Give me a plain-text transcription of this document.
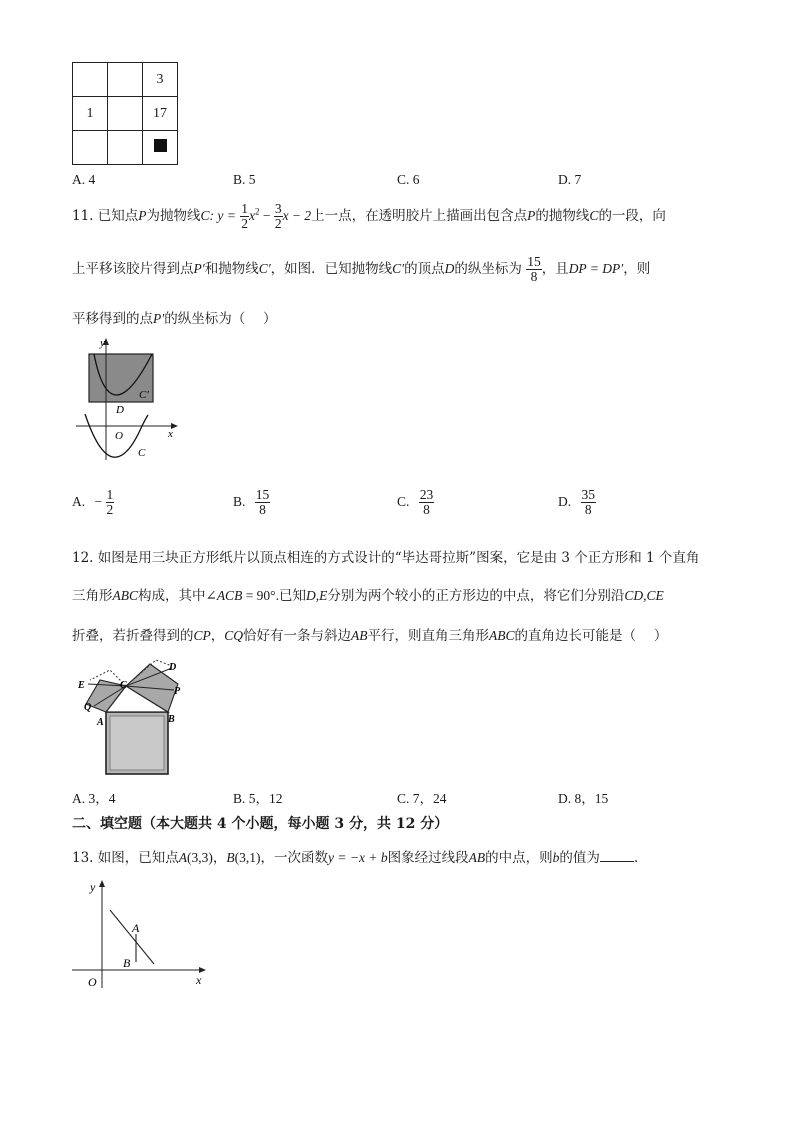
		3
1		17

A. 4	B. 5	C. 6	D. 7
11. 已知点P为抛物线C: $y = \frac{1}{2} x^2 - \frac{3}{2}$ x − 2上一点，在透明胶片上描画出包含点P的抛物线C的一段，向
上平移该胶片得到点P′和抛物线C′，如图．已知抛物线C′的顶点D的纵坐标为 $\frac{15}{8}$ ，且DP = DP′，则
平移得到的点P′的纵坐标为（　 ）
y
x
O
D
C
C′
A. − $\frac{1}{2}$	B. $\frac{15}{8}$	C. $\frac{23}{8}$	D. $\frac{35}{8}$
12. 如图是用三块正方形纸片以顶点相连的方式设计的“毕达哥拉斯”图案，它是由 3 个正方形和 1 个直角
三角形ABC构成，其中∠ACB = 90°.已知D,E分别为两个较小的正方形边的中点，将它们分别沿CD,CE
折叠，若折叠得到的CP，CQ恰好有一条与斜边AB平行，则直角三角形ABC的直角边长可能是（　 ）
E	C
D
P
Q
A	B
A. 3，4	B. 5，12	C. 7，24	D. 8，15
二、填空题（本大题共 4 个小题，每小题 3 分，共 12 分）
13. 如图，已知点A(3,3)，B(3,1)，一次函数y = −x + b图象经过线段AB的中点，则b的值为	.
y
x
O
A
B
